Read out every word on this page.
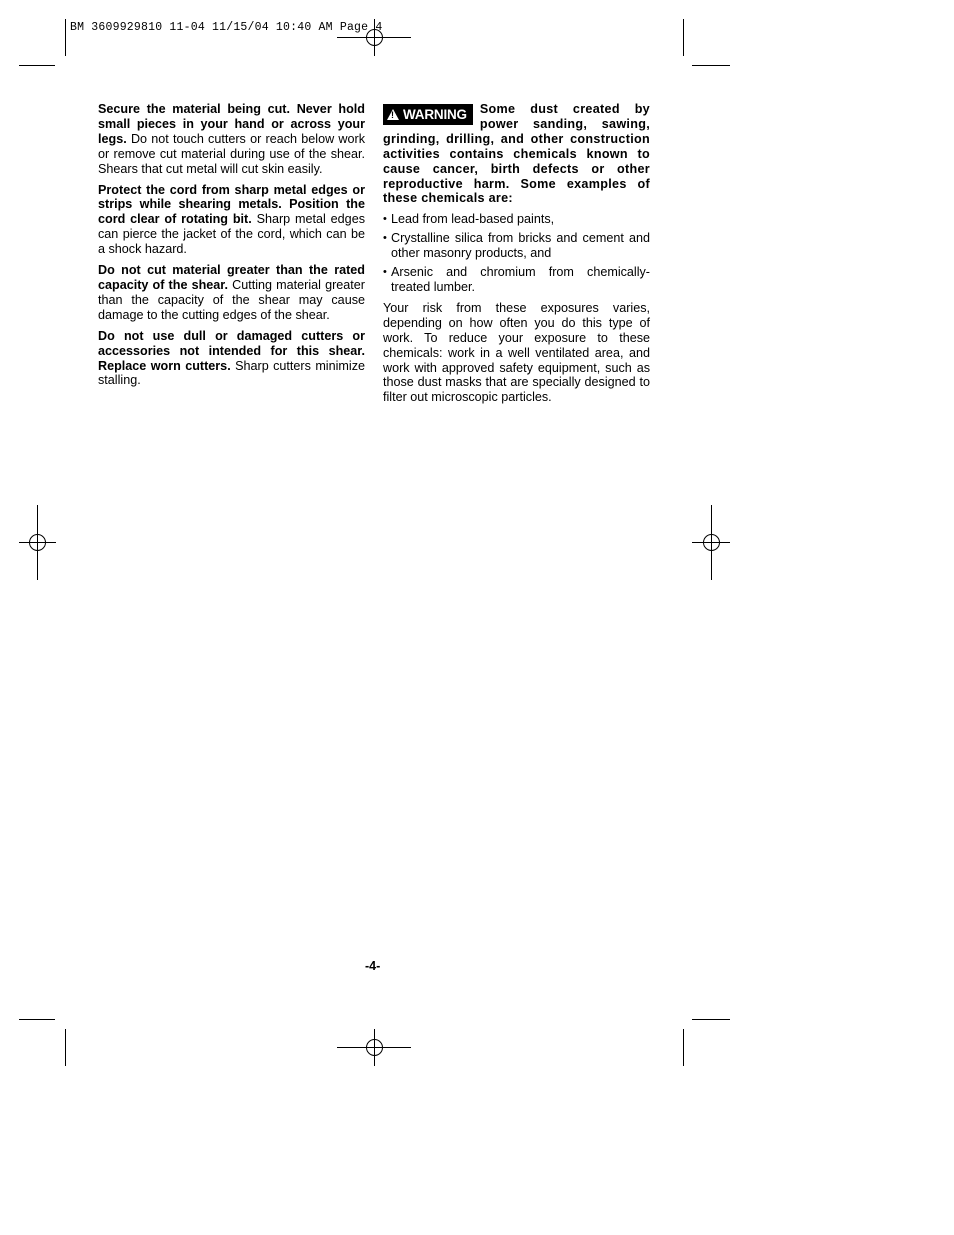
BM 3609929810 11-04 11/15/04 10:40 AM Page 4

Secure the material being cut. Never hold small pieces in your hand or across your legs. Do not touch cutters or reach below work or remove cut material during use of the shear. Shears that cut metal will cut skin easily.

Protect the cord from sharp metal edges or strips while shearing metals. Position the cord clear of rotating bit. Sharp metal edges can pierce the jacket of the cord, which can be a shock hazard.

Do not cut material greater than the rated capacity of the shear. Cutting material greater than the capacity of the shear may cause damage to the cutting edges of the shear.

Do not use dull or damaged cutters or accessories not intended for this shear. Replace worn cutters. Sharp cutters minimize stalling.

!WARNING	Some dust created by power sanding, sawing, grinding, drilling, and other construction activities contains chemicals known to cause cancer, birth defects or other reproductive harm. Some examples of these chemicals are:

• Lead from lead-based paints,
• Crystalline silica from bricks and cement and other masonry products, and
• Arsenic and chromium from chemically-treated lumber.

Your risk from these exposures varies, depending on how often you do this type of work. To reduce your exposure to these chemicals: work in a well ventilated area, and work with approved safety equipment, such as those dust masks that are specially designed to filter out microscopic particles.

-4-
